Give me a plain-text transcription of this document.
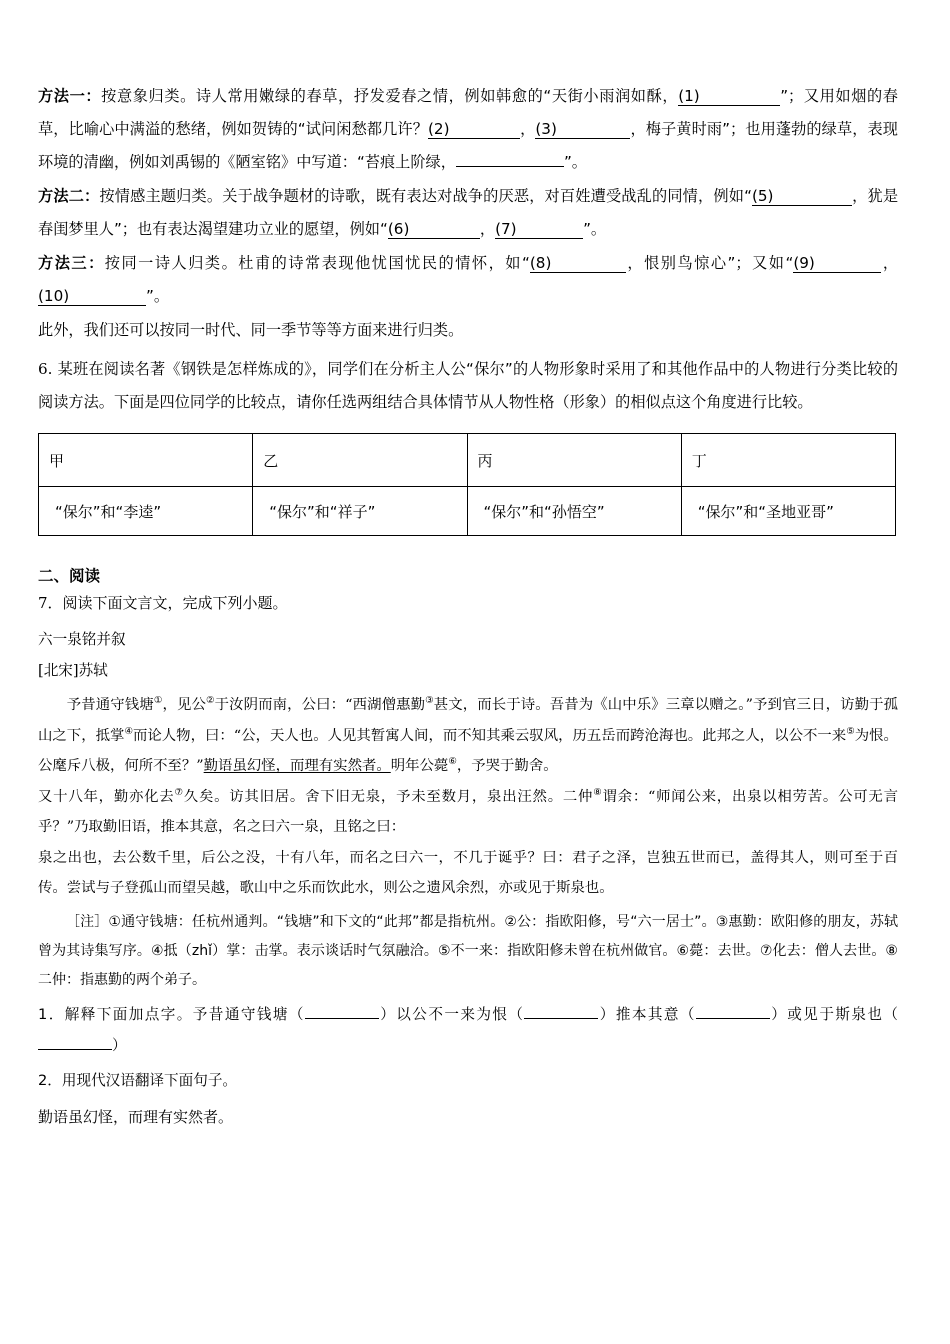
方法一：按意象归类。诗人常用嫩绿的春草，抒发爱春之情，例如韩愈的“天街小雨润如酥，(1)	”；又用如烟的春草，比喻心中满溢的愁绪，例如贺铸的“试问闲愁都几许？(2)	，(3)	，梅子黄时雨”；也用蓬勃的绿草，表现环境的清幽，例如刘禹锡的《陋室铭》中写道：“苔痕上阶绿，	”。

方法二：按情感主题归类。关于战争题材的诗歌，既有表达对战争的厌恶，对百姓遭受战乱的同情，例如“(5)	，犹是春闺梦里人”；也有表达渴望建功立业的愿望，例如“(6)	，(7)	”。

方法三：按同一诗人归类。杜甫的诗常表现他忧国忧民的情怀，如“(8)	，恨别鸟惊心”；又如“(9)	，(10)	”。

此外，我们还可以按同一时代、同一季节等等方面来进行归类。

6. 某班在阅读名著《钢铁是怎样炼成的》，同学们在分析主人公“保尔”的人物形象时采用了和其他作品中的人物进行分类比较的阅读方法。下面是四位同学的比较点，请你任选两组结合具体情节从人物性格（形象）的相似点这个角度进行比较。

甲	乙	丙	丁
“保尔”和“李逵”	“保尔”和“祥子”	“保尔”和“孙悟空”	“保尔”和“圣地亚哥”

二、阅读

7．阅读下面文言文，完成下列小题。

六一泉铭并叙

[北宋]苏轼

予昔通守钱塘①，见公②于汝阴而南，公曰：“西湖僧惠勤③甚文，而长于诗。吾昔为《山中乐》三章以赠之。”予到官三日，访勤于孤山之下，抵掌④而论人物，曰：“公，天人也。人见其暂寓人间，而不知其乘云驭风，历五岳而跨沧海也。此邦之人，以公不一来⑤为恨。公麾斥八极，何所不至？”勤语虽幻怪，而理有实然者。明年公薨⑥，予哭于勤舍。

又十八年，勤亦化去⑦久矣。访其旧居。舍下旧无泉，予未至数月，泉出汪然。二仲⑧谓余：“师闻公来，出泉以相劳苦。公可无言乎？”乃取勤旧语，推本其意，名之曰六一泉，且铭之曰：

泉之出也，去公数千里，后公之没，十有八年，而名之曰六一，不几于诞乎？曰：君子之泽，岂独五世而已，盖得其人，则可至于百传。尝试与子登孤山而望吴越，歌山中之乐而饮此水，则公之遗风余烈，亦或见于斯泉也。

［注］①通守钱塘：任杭州通判。“钱塘”和下文的“此邦”都是指杭州。②公：指欧阳修，号“六一居士”。③惠勤：欧阳修的朋友，苏轼曾为其诗集写序。④抵（zhǐ）掌：击掌。表示谈话时气氛融洽。⑤不一来：指欧阳修未曾在杭州做官。⑥薨：去世。⑦化去：僧人去世。⑧二仲：指惠勤的两个弟子。

1．解释下面加点字。予昔通守钱塘（	）以公不一来为恨（	）推本其意（	）或见于斯泉也（）

2．用现代汉语翻译下面句子。

勤语虽幻怪，而理有实然者。
